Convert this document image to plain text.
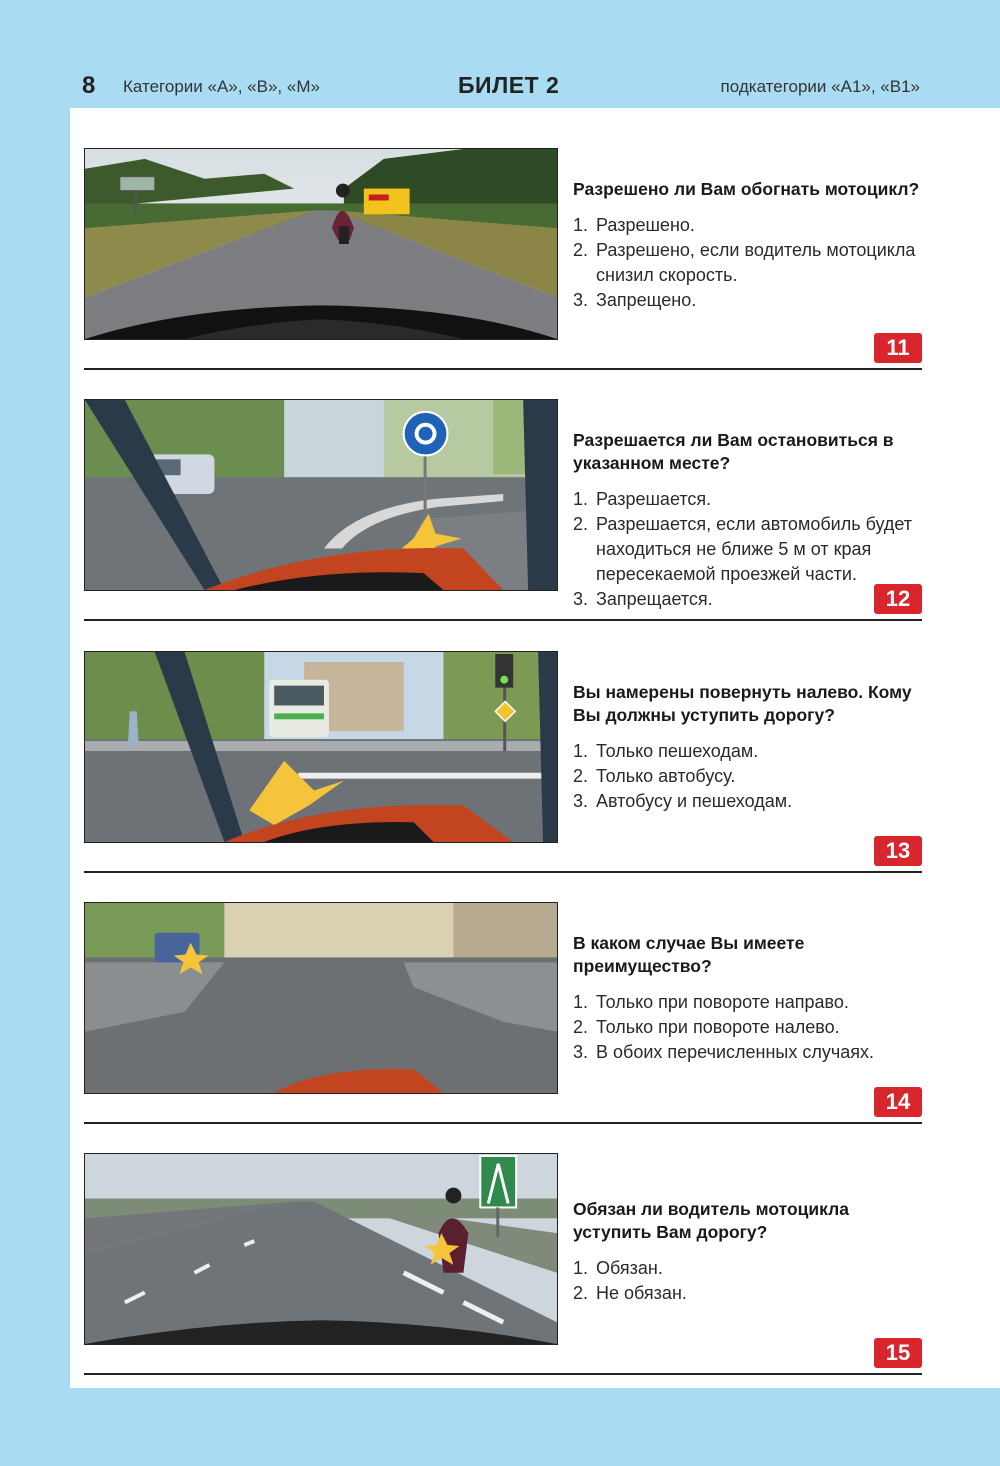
8 Категории «А», «В», «М»	БИЛЕТ 2	подкатегории «А1», «В1»
Разрешено ли Вам обогнать мотоцикл?
1. Разрешено.
2. Разрешено, если водитель мотоцикла снизил скорость.
3. Запрещено.
11
Разрешается ли Вам остановиться в указанном месте?
1. Разрешается.
2. Разрешается, если автомобиль будет находиться не ближе 5 м от края пересекаемой проезжей части.
3. Запрещается.	12
Вы намерены повернуть налево. Кому Вы должны уступить дорогу?
1. Только пешеходам.
2. Только автобусу.
3. Автобусу и пешеходам.
13
В каком случае Вы имеете преимущество?
1. Только при повороте направо.
2. Только при повороте налево.
3. В обоих перечисленных случаях.
14
Обязан ли водитель мотоцикла уступить Вам дорогу?
1. Обязан.
2. Не обязан.
15
